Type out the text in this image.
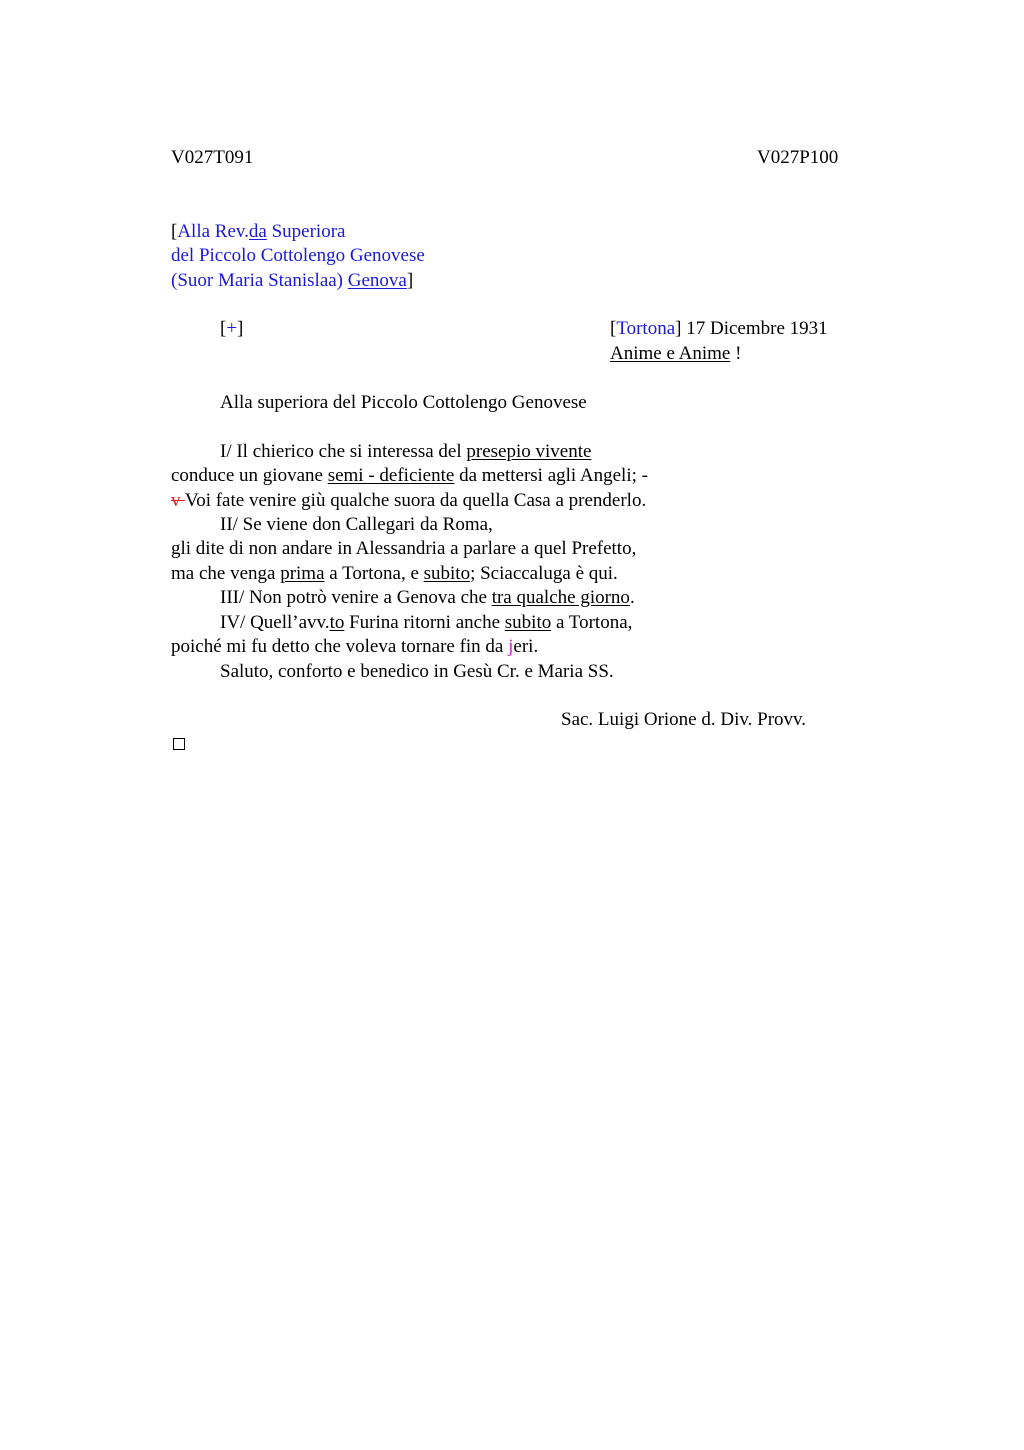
V027T091	V027P100
[Alla Rev.da Superiora
del Piccolo Cottolengo Genovese
(Suor Maria Stanislaa) Genova]
[+]	[Tortona] 17 Dicembre 1931
Anime e Anime !
Alla superiora del Piccolo Cottolengo Genovese
I/ Il chierico che si interessa del presepio vivente
conduce un giovane semi - deficiente da mettersi agli Angeli; -
v Voi fate venire giù qualche suora da quella Casa a prenderlo.
II/ Se viene don Callegari da Roma,
gli dite di non andare in Alessandria a parlare a quel Prefetto,
ma che venga prima a Tortona, e subito; Sciaccaluga è qui.
III/ Non potrò venire a Genova che tra qualche giorno.
IV/ Quell’avv.to Furina ritorni anche subito a Tortona,
poiché mi fu detto che voleva tornare fin da jeri.
Saluto, conforto e benedico in Gesù Cr. e Maria SS.
Sac. Luigi Orione d. Div. Provv.
